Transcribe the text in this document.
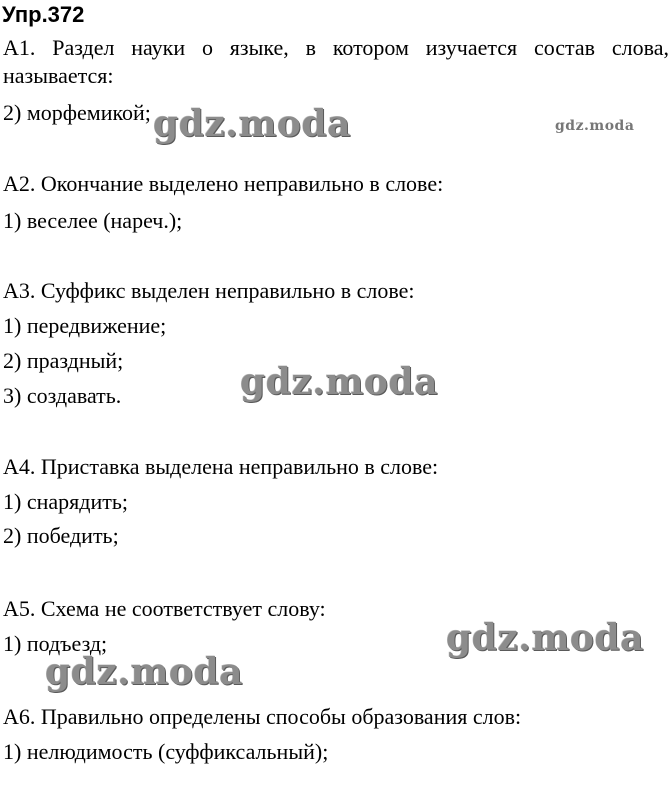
Упр.372
А1. Раздел науки о языке, в котором изучается состав слова,
называется:
2) морфемикой;
А2. Окончание выделено неправильно в слове:
1) веселее (нареч.);
А3. Суффикс выделен неправильно в слове:
1) передвижение;
2) праздный;
3) создавать.
А4. Приставка выделена неправильно в слове:
1) снарядить;
2) победить;
А5. Схема не соответствует слову:
1) подъезд;
А6. Правильно определены способы образования слов:
1) нелюдимость (суффиксальный);
gdz.moda	gdz.moda
gdz.moda
gdz.moda
gdz.moda
